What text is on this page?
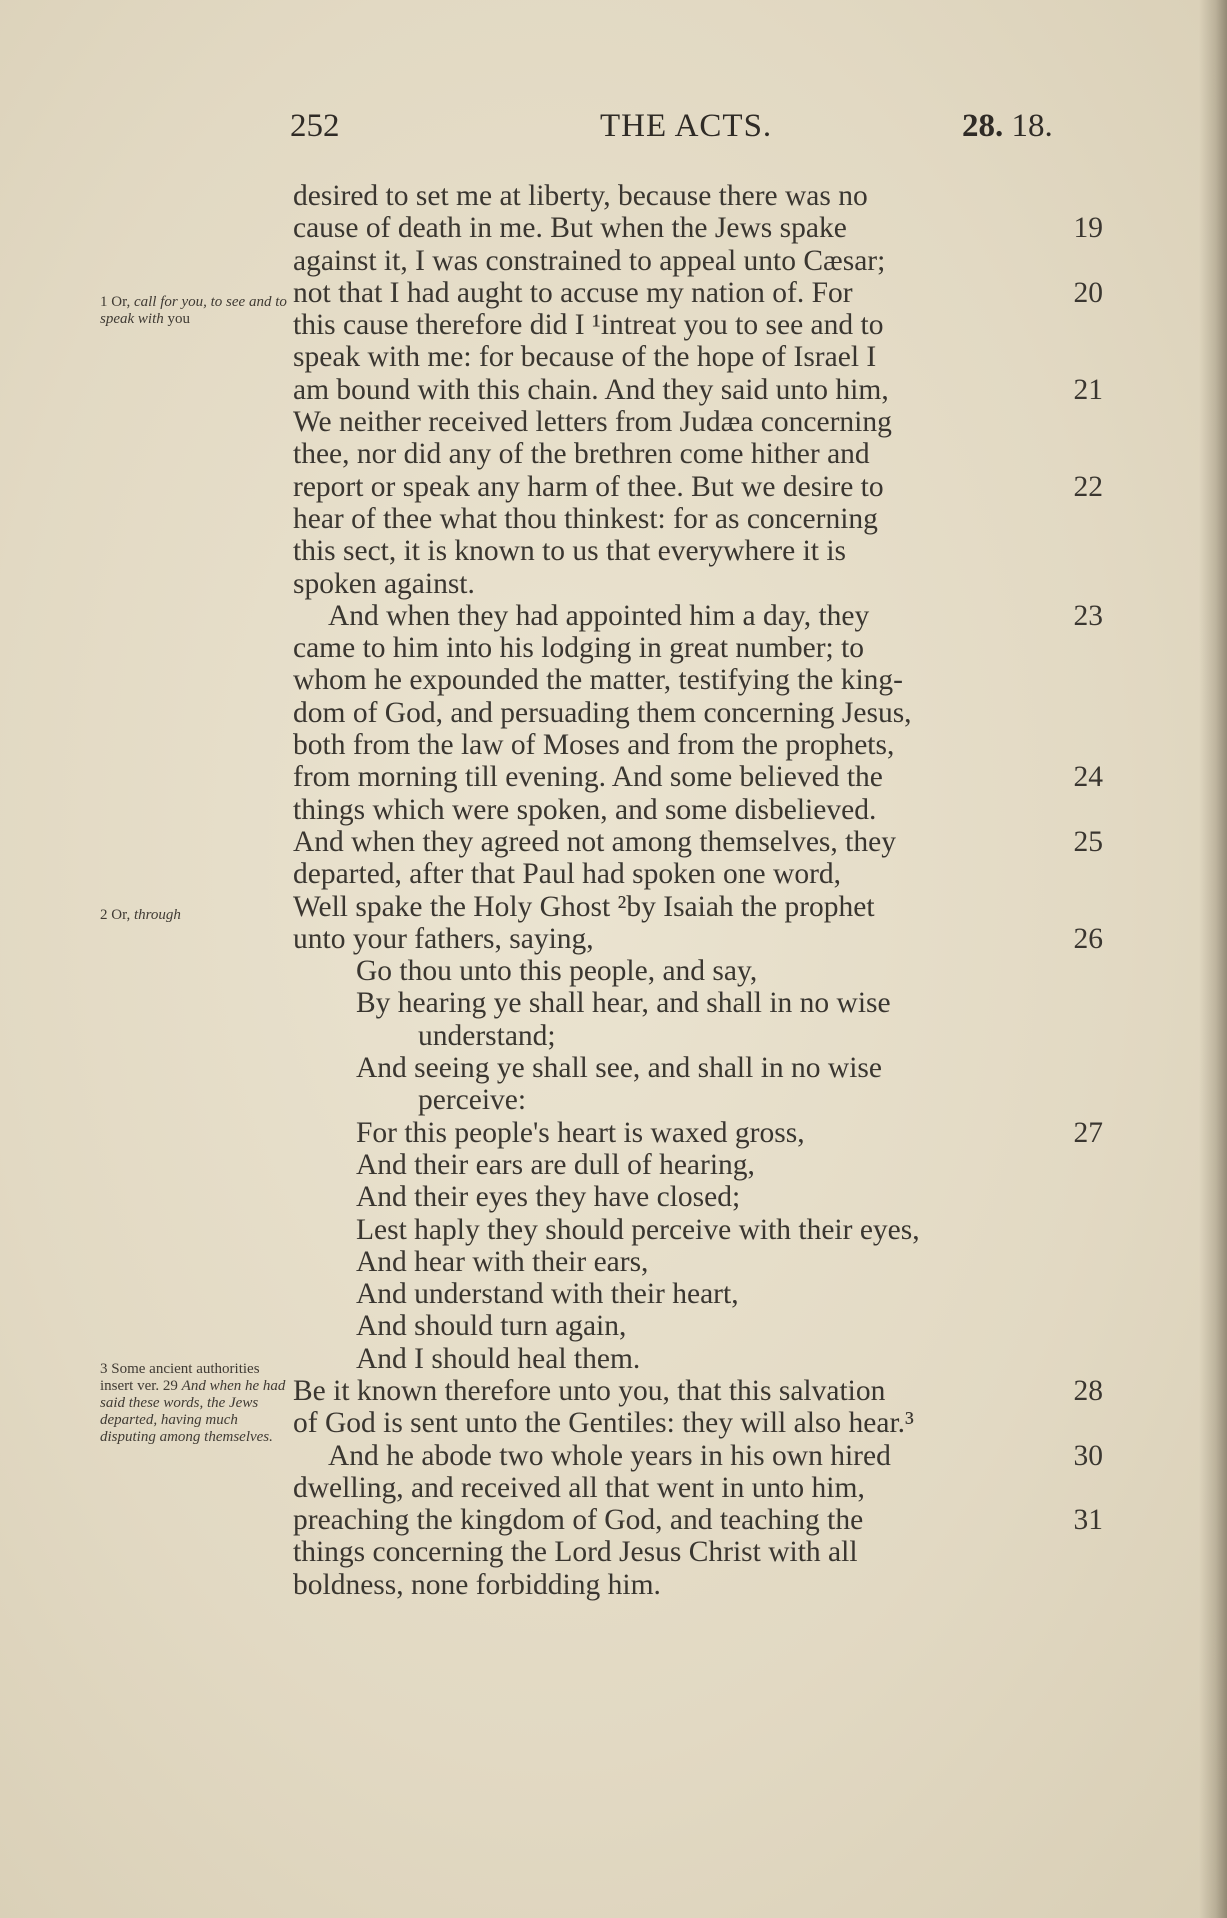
252	THE ACTS.	28. 18.
desired to set me at liberty, because there was no
cause of death in me. But when the Jews spake	19
against it, I was constrained to appeal unto Cæsar;
not that I had aught to accuse my nation of. For	20
this cause therefore did I ¹intreat you to see and to
speak with me: for because of the hope of Israel I
am bound with this chain. And they said unto him,	21
We neither received letters from Judæa concerning
thee, nor did any of the brethren come hither and
report or speak any harm of thee. But we desire to	22
hear of thee what thou thinkest: for as concerning
this sect, it is known to us that everywhere it is
spoken against.
And when they had appointed him a day, they	23
came to him into his lodging in great number; to
whom he expounded the matter, testifying the king-
dom of God, and persuading them concerning Jesus,
both from the law of Moses and from the prophets,
from morning till evening. And some believed the	24
things which were spoken, and some disbelieved.
And when they agreed not among themselves, they	25
departed, after that Paul had spoken one word,
Well spake the Holy Ghost ²by Isaiah the prophet
unto your fathers, saying,	26
Go thou unto this people, and say,
By hearing ye shall hear, and shall in no wise
understand;
And seeing ye shall see, and shall in no wise
perceive:
For this people's heart is waxed gross,	27
And their ears are dull of hearing,
And their eyes they have closed;
Lest haply they should perceive with their eyes,
And hear with their ears,
And understand with their heart,
And should turn again,
And I should heal them.
Be it known therefore unto you, that this salvation	28
of God is sent unto the Gentiles: they will also hear.³
And he abode two whole years in his own hired	30
dwelling, and received all that went in unto him,
preaching the kingdom of God, and teaching the	31
things concerning the Lord Jesus Christ with all
boldness, none forbidding him.
1 Or, call for you, to see and to speak with you
2 Or, through
3 Some ancient authorities insert ver. 29 And when he had said these words, the Jews departed, having much disputing among themselves.
